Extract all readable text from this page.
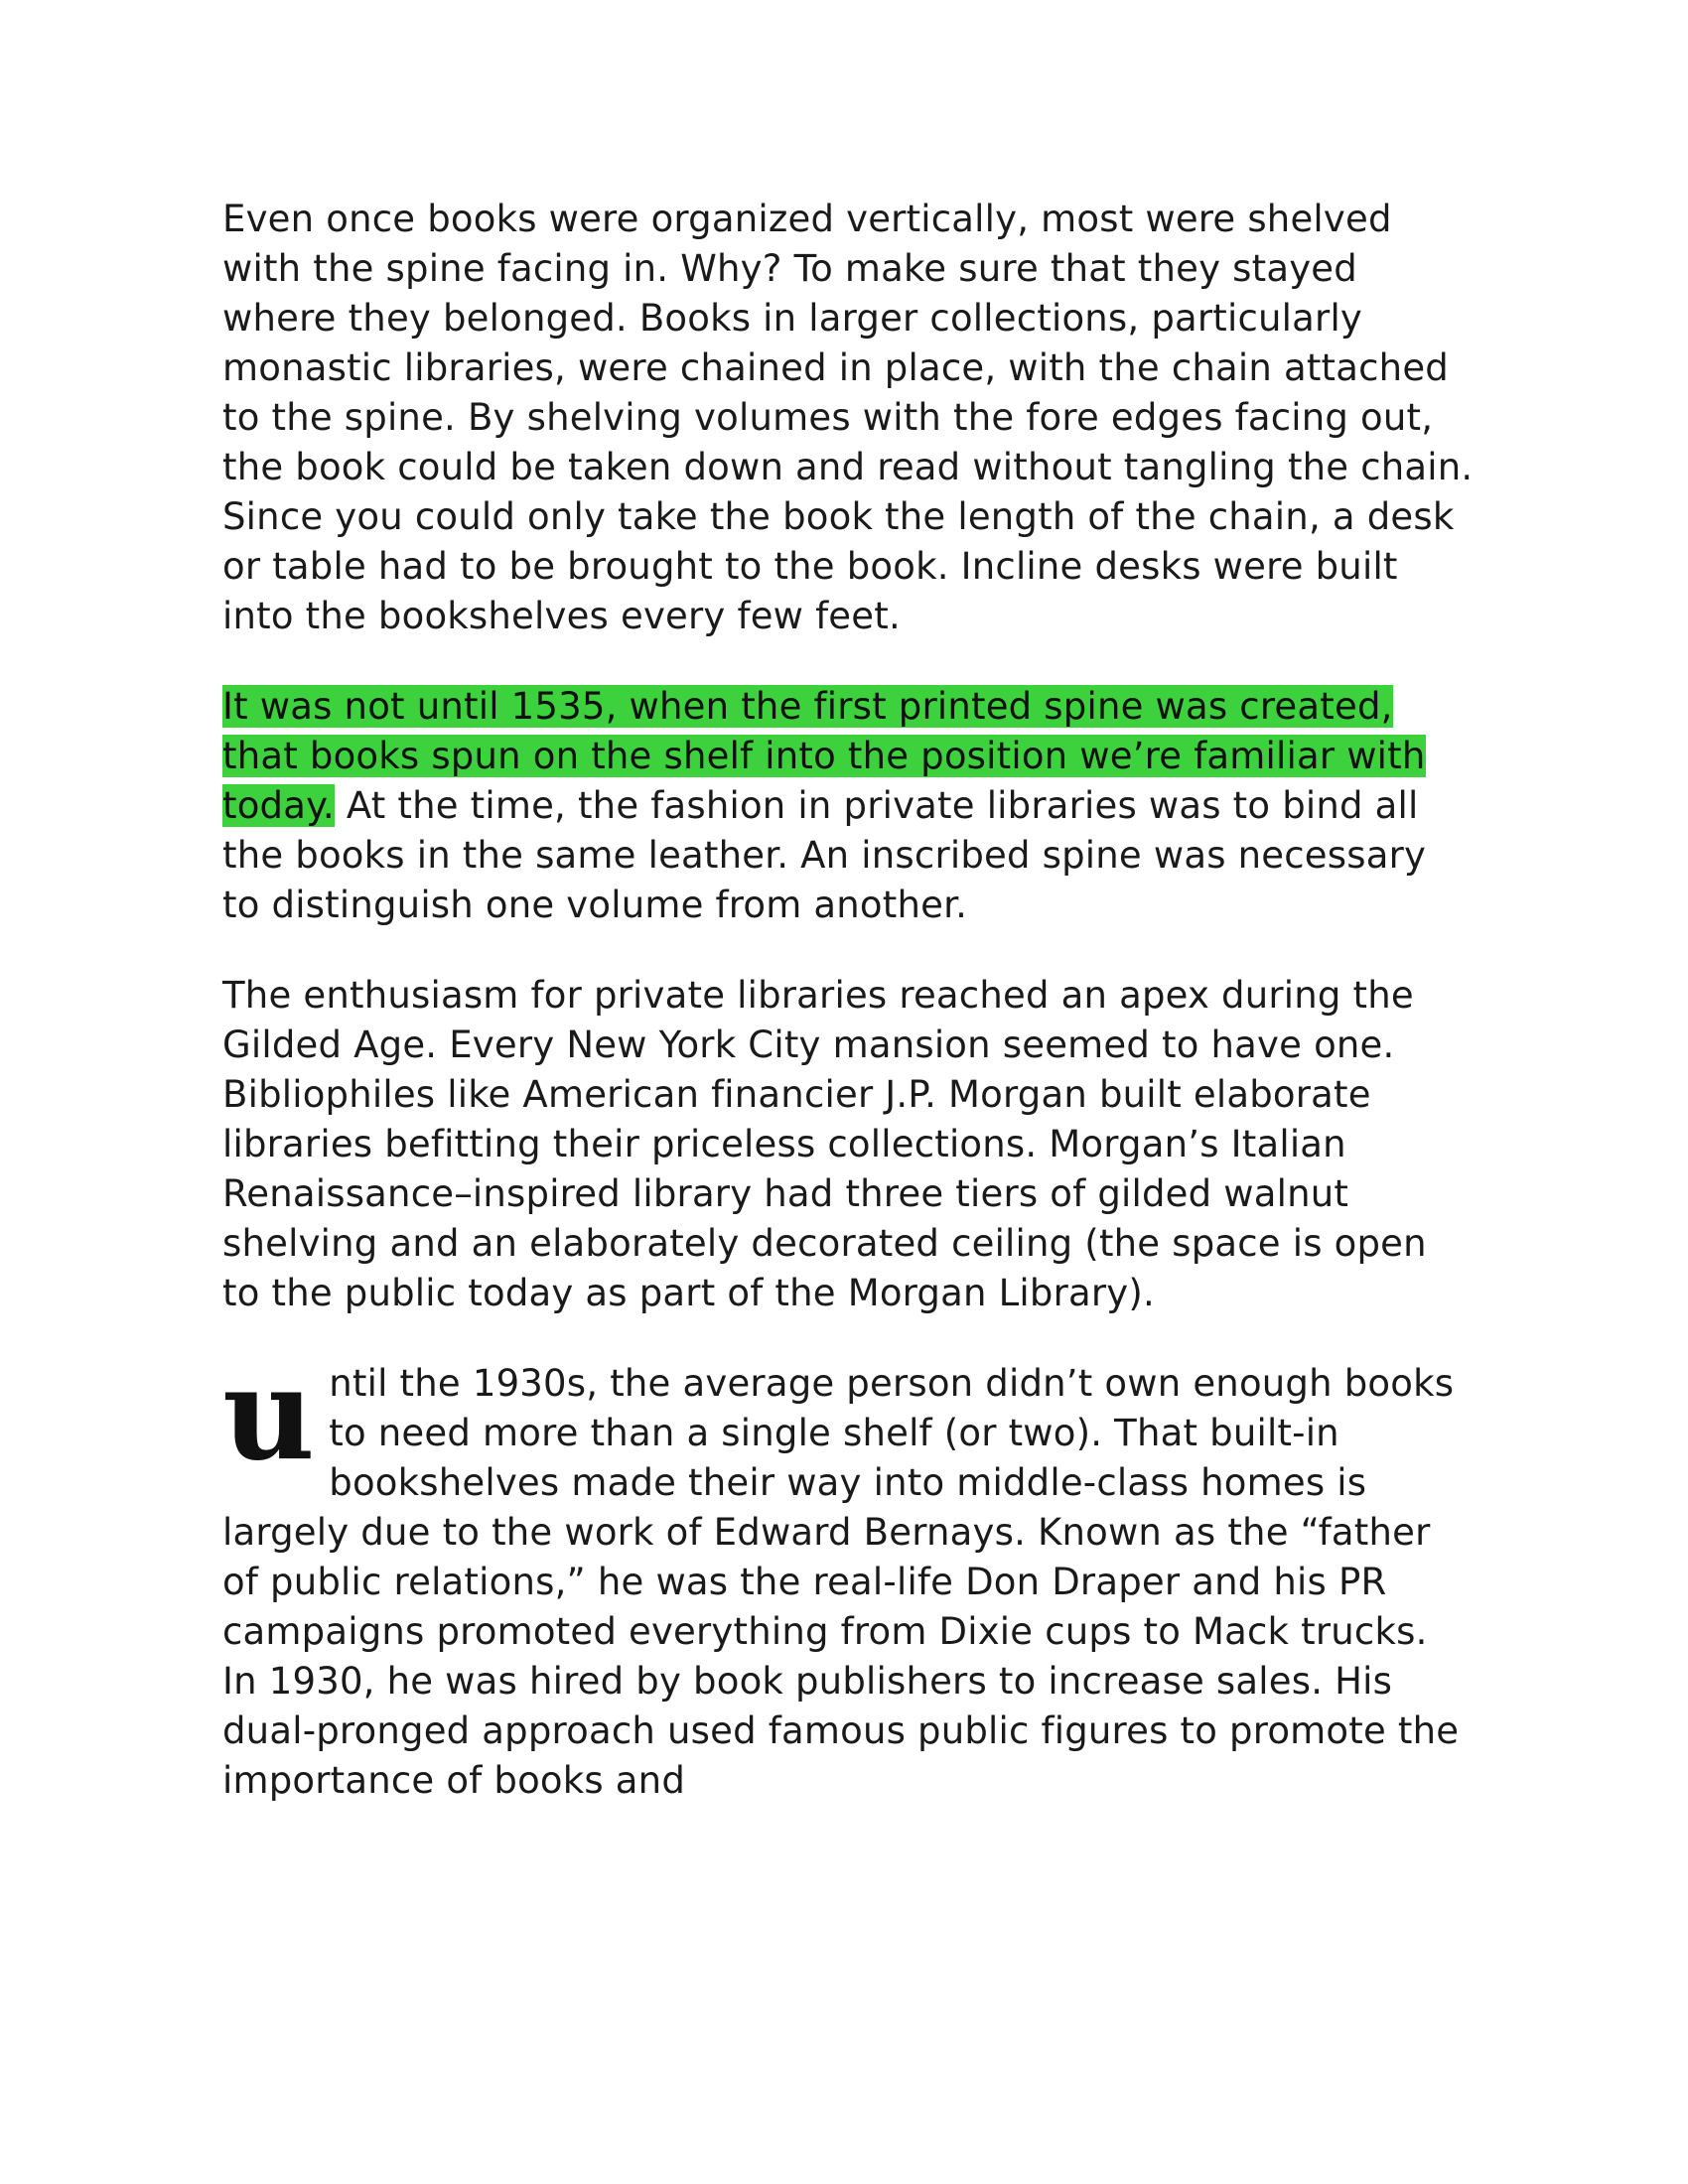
Even once books were organized vertically, most were shelved with the spine facing in. Why? To make sure that they stayed where they belonged. Books in larger collections, particularly monastic libraries, were chained in place, with the chain attached to the spine. By shelving volumes with the fore edges facing out, the book could be taken down and read without tangling the chain. Since you could only take the book the length of the chain, a desk or table had to be brought to the book. Incline desks were built into the bookshelves every few feet.

It was not until 1535, when the first printed spine was created, that books spun on the shelf into the position we’re familiar with today. At the time, the fashion in private libraries was to bind all the books in the same leather. An inscribed spine was necessary to distinguish one volume from another.

The enthusiasm for private libraries reached an apex during the Gilded Age. Every New York City mansion seemed to have one. Bibliophiles like American financier J.P. Morgan built elaborate libraries befitting their priceless collections. Morgan’s Italian Renaissance–inspired library had three tiers of gilded walnut shelving and an elaborately decorated ceiling (the space is open to the public today as part of the Morgan Library).

until the 1930s, the average person didn’t own enough books to need more than a single shelf (or two). That built-in bookshelves made their way into middle-class homes is largely due to the work of Edward Bernays. Known as the “father of public relations,” he was the real-life Don Draper and his PR campaigns promoted everything from Dixie cups to Mack trucks. In 1930, he was hired by book publishers to increase sales. His dual-pronged approach used famous public figures to promote the importance of books and
